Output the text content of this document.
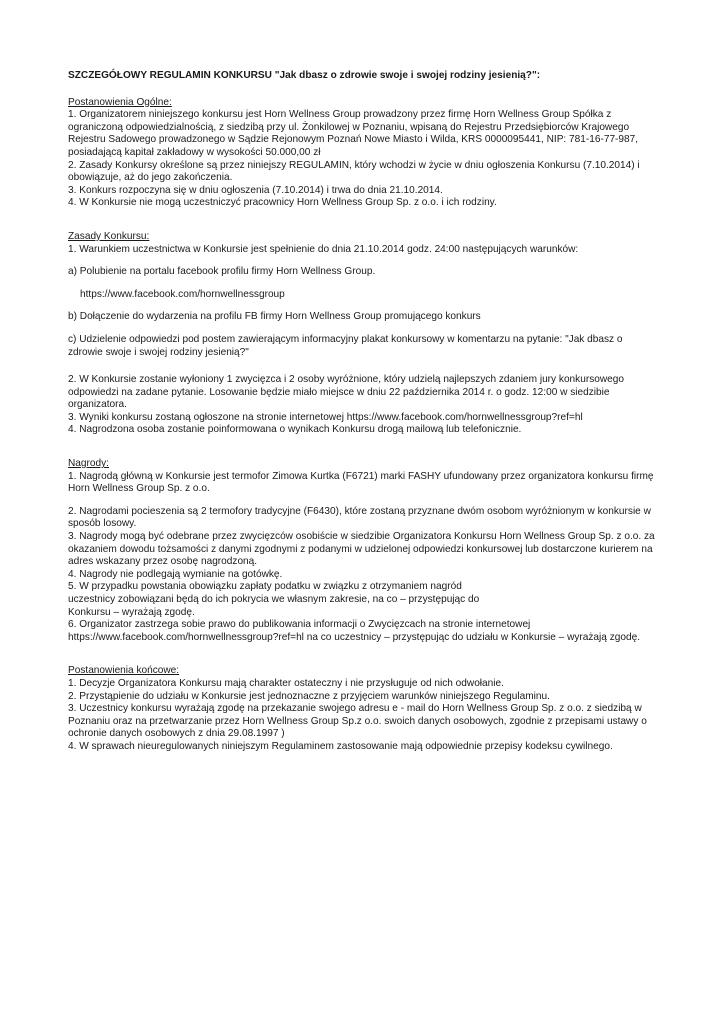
SZCZEGÓŁOWY REGULAMIN KONKURSU "Jak dbasz o zdrowie swoje i swojej rodziny jesienią?":

Postanowienia Ogólne:

1. Organizatorem niniejszego konkursu jest Horn Wellness Group prowadzony przez firmę Horn Wellness Group Spółka z ograniczoną odpowiedzialnością, z siedzibą przy ul. Żonkilowej w Poznaniu, wpisaną do Rejestru Przedsiębiorców Krajowego Rejestru Sadowego prowadzonego w Sądzie Rejonowym Poznań Nowe Miasto i Wilda, KRS 0000095441, NIP: 781-16-77-987, posiadającą kapitał zakładowy w wysokości 50.000,00 zł

2. Zasady Konkursy określone są przez niniejszy REGULAMIN, który wchodzi w życie w dniu ogłoszenia Konkursu (7.10.2014) i obowiązuje, aż do jego zakończenia.

3. Konkurs rozpoczyna się w dniu ogłoszenia (7.10.2014) i trwa do dnia 21.10.2014.

4. W Konkursie nie mogą uczestniczyć pracownicy Horn Wellness Group Sp. z o.o. i ich rodziny.

Zasady Konkursu:

1. Warunkiem uczestnictwa w Konkursie jest spełnienie do dnia 21.10.2014 godz. 24:00 następujących warunków:

a) Polubienie na portalu facebook profilu firmy Horn Wellness Group.

https://www.facebook.com/hornwellnessgroup

b) Dołączenie do wydarzenia na profilu FB firmy Horn Wellness Group promującego konkurs

c) Udzielenie odpowiedzi pod postem zawierającym informacyjny plakat konkursowy w komentarzu na pytanie: "Jak dbasz o zdrowie swoje i swojej rodziny jesienią?"

2. W Konkursie zostanie wyłoniony 1 zwycięzca i 2 osoby wyróżnione, który udzielą najlepszych zdaniem jury konkursowego odpowiedzi na zadane pytanie. Losowanie będzie miało miejsce w dniu 22 października 2014 r. o godz. 12:00 w siedzibie organizatora.

3. Wyniki konkursu zostaną ogłoszone na stronie internetowej https://www.facebook.com/hornwellnessgroup?ref=hl

4. Nagrodzona osoba zostanie poinformowana o wynikach Konkursu drogą mailową lub telefonicznie.

Nagrody:

1. Nagrodą główną w Konkursie jest termofor Zimowa Kurtka (F6721) marki FASHY ufundowany przez organizatora konkursu firmę Horn Wellness Group Sp. z o.o.

2. Nagrodami pocieszenia są 2 termofory tradycyjne (F6430), które zostaną przyznane dwóm osobom wyróżnionym w konkursie w sposób losowy.

3. Nagrody mogą być odebrane przez zwycięzców osobiście w siedzibie Organizatora Konkursu Horn Wellness Group Sp. z o.o. za okazaniem dowodu tożsamości z danymi zgodnymi z podanymi w udzielonej odpowiedzi konkursowej lub dostarczone kurierem na adres wskazany przez osobę nagrodzoną.

4. Nagrody nie podlegają wymianie na gotówkę.

5. W przypadku powstania obowiązku zapłaty podatku w związku z otrzymaniem nagród

uczestnicy zobowiązani będą do ich pokrycia we własnym zakresie, na co – przystępując do

Konkursu – wyrażają zgodę.

6. Organizator zastrzega sobie prawo do publikowania informacji o Zwycięzcach na stronie internetowej https://www.facebook.com/hornwellnessgroup?ref=hl na co uczestnicy – przystępując do udziału w Konkursie – wyrażają zgodę.

Postanowienia końcowe:

1. Decyzje Organizatora Konkursu mają charakter ostateczny i nie przysługuje od nich odwołanie.

2. Przystąpienie do udziału w Konkursie jest jednoznaczne z przyjęciem warunków niniejszego Regulaminu.

3. Uczestnicy konkursu wyrażają zgodę na przekazanie swojego adresu e - mail do Horn Wellness Group Sp. z o.o. z siedzibą w Poznaniu oraz na przetwarzanie przez Horn Wellness Group Sp.z o.o. swoich danych osobowych, zgodnie z przepisami ustawy o ochronie danych osobowych z dnia 29.08.1997 )

4. W sprawach nieuregulowanych niniejszym Regulaminem zastosowanie mają odpowiednie przepisy kodeksu cywilnego.
